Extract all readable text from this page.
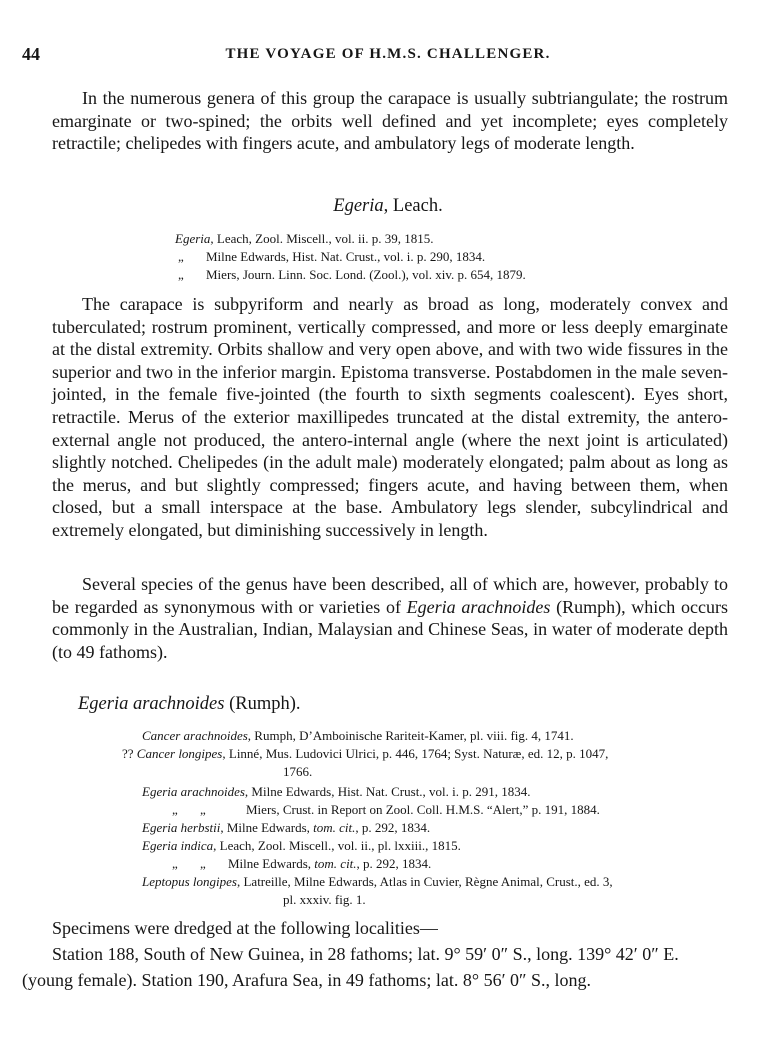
44	THE VOYAGE OF H.M.S. CHALLENGER.

In the numerous genera of this group the carapace is usually subtriangulate; the rostrum emarginate or two-spined; the orbits well defined and yet incomplete; eyes completely retractile; chelipedes with fingers acute, and ambulatory legs of moderate length.

Egeria, Leach.
Egeria, Leach, Zool. Miscell., vol. ii. p. 39, 1815.
„ Milne Edwards, Hist. Nat. Crust., vol. i. p. 290, 1834.
„ Miers, Journ. Linn. Soc. Lond. (Zool.), vol. xiv. p. 654, 1879.

The carapace is subpyriform and nearly as broad as long, moderately convex and tuberculated; rostrum prominent, vertically compressed, and more or less deeply emarginate at the distal extremity. Orbits shallow and very open above, and with two wide fissures in the superior and two in the inferior margin. Epistoma transverse. Postabdomen in the male seven-jointed, in the female five-jointed (the fourth to sixth segments coalescent). Eyes short, retractile. Merus of the exterior maxillipedes truncated at the distal extremity, the antero-external angle not produced, the antero-internal angle (where the next joint is articulated) slightly notched. Chelipedes (in the adult male) moderately elongated; palm about as long as the merus, and but slightly compressed; fingers acute, and having between them, when closed, but a small interspace at the base. Ambulatory legs slender, subcylindrical and extremely elongated, but diminishing successively in length.

Several species of the genus have been described, all of which are, however, probably to be regarded as synonymous with or varieties of Egeria arachnoides (Rumph), which occurs commonly in the Australian, Indian, Malaysian and Chinese Seas, in water of moderate depth (to 49 fathoms).

Egeria arachnoides (Rumph).
Cancer arachnoides, Rumph, D’Amboinische Rariteit-Kamer, pl. viii. fig. 4, 1741.
?? Cancer longipes, Linné, Mus. Ludovici Ulrici, p. 446, 1764; Syst. Naturæ, ed. 12, p. 1047,
1766.
Egeria arachnoides, Milne Edwards, Hist. Nat. Crust., vol. i. p. 291, 1834.
„ „	Miers, Crust. in Report on Zool. Coll. H.M.S. “Alert,” p. 191, 1884.
Egeria herbstii, Milne Edwards, tom. cit., p. 292, 1834.
Egeria indica, Leach, Zool. Miscell., vol. ii., pl. lxxiii., 1815.
„ „ Milne Edwards, tom. cit., p. 292, 1834.
Leptopus longipes, Latreille, Milne Edwards, Atlas in Cuvier, Règne Animal, Crust., ed. 3,
pl. xxxiv. fig. 1.
Specimens were dredged at the following localities—
Station 188, South of New Guinea, in 28 fathoms; lat. 9° 59′ 0″ S., long. 139° 42′ 0″ E.
(young female). Station 190, Arafura Sea, in 49 fathoms; lat. 8° 56′ 0″ S., long.
